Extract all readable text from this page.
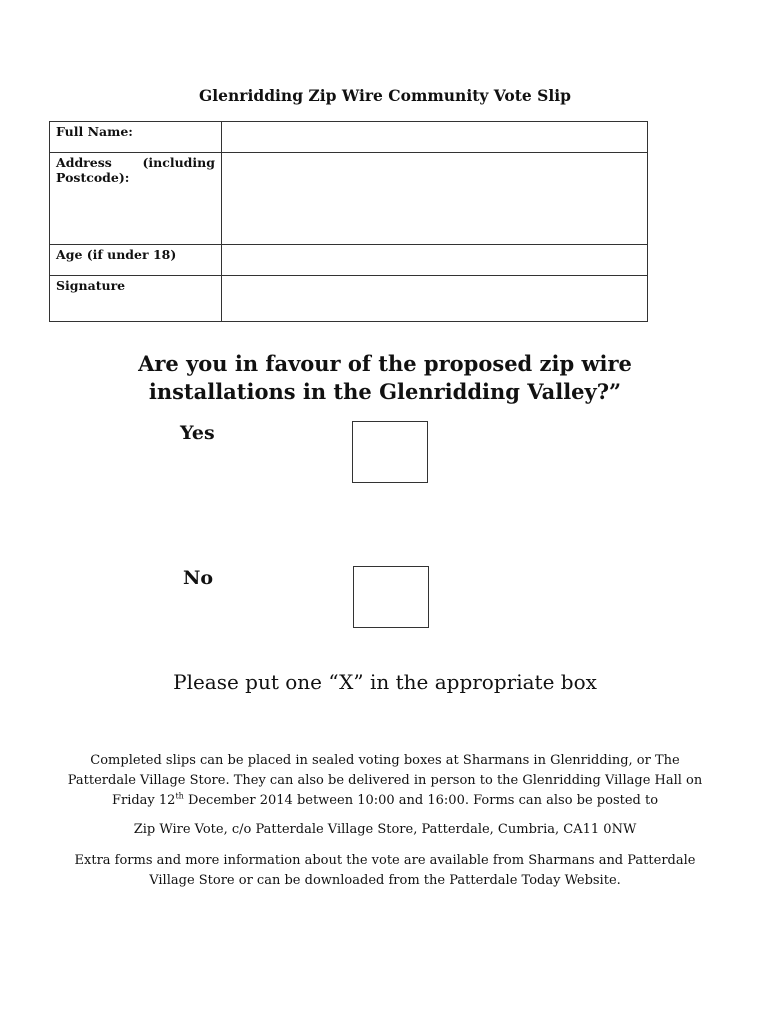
Glenridding Zip Wire Community Vote Slip
Full Name:	

Address (including
Postcode):	

Age (if under 18)	
Signature	
Are you in favour of the proposed zip wire
installations in the Glenridding Valley?”
Yes
No
Please put one “X” in the appropriate box
Completed slips can be placed in sealed voting boxes at Sharmans in Glenridding, or The
Patterdale Village Store. They can also be delivered in person to the Glenridding Village Hall on
Friday 12th December 2014 between 10:00 and 16:00. Forms can also be posted to
Zip Wire Vote, c/o Patterdale Village Store, Patterdale, Cumbria, CA11 0NW
Extra forms and more information about the vote are available from Sharmans and Patterdale
Village Store or can be downloaded from the Patterdale Today Website.
